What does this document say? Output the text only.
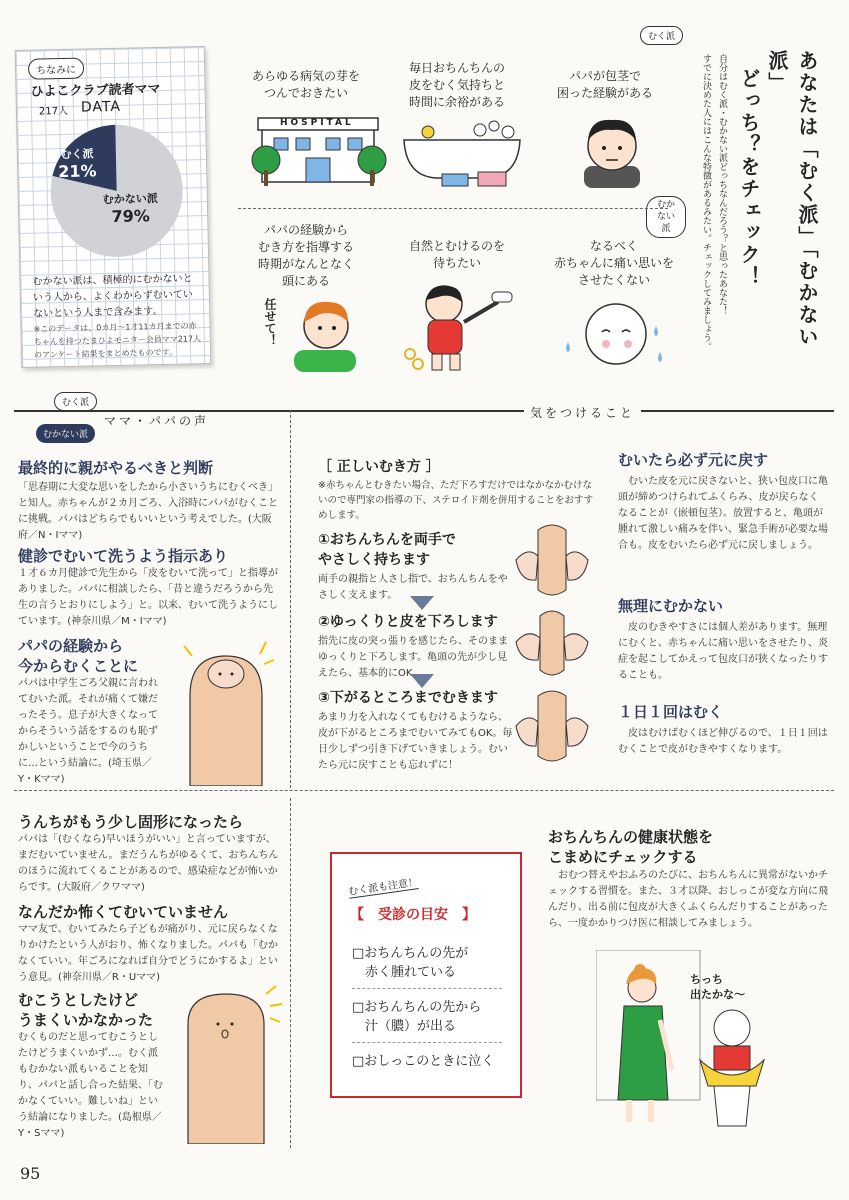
ちなみに
ひよこクラブ読者ママ
217人 DATA
むく派
21%
むかない派
79%
むかない派は、積極的にむかないという人から、よくわからずむいていないという人まで含みます。
※このデータは、0カ月〜1才11カ月までの赤ちゃんを持つたまひよモニター会員ママ217人のアンケート結果をまとめたものです。
むく派
むかない派
あらゆる病気の芽を
つんでおきたい
HOSPITAL
毎日おちんちんの
皮をむく気持ちと
時間に余裕がある
パパが包茎で
困った経験がある
パパの経験から
むき方を指導する
時期がなんとなく
頭にある
任せて！
自然とむけるのを
待ちたい
なるべく
赤ちゃんに痛い思いを
させたくない	あなたは「むく派」「むかない派」
どっち？をチェック！
自分はむく派・むかない派どっちなんだろう？と思ったあなた！
すでに決めた人にはこんな特徴があるみたい。チェックしてみましょう。
むく派
むかない派
ママ・パパの声
気をつけること
最終的に親がやるべきと判断
「思春期に大変な思いをしたから小さいうちにむくべき」と知人。赤ちゃんが２カ月ごろ、入浴時にパパがむくことに挑戦。パパはどちらでもいいという考えでした。(大阪府／N・Iママ)
健診でむいて洗うよう指示あり
１才６カ月健診で先生から「皮をむいて洗って」と指導がありました。パパに相談したら、「昔と違うだろうから先生の言うとおりにしよう」と。以来、むいて洗うようにしています。(神奈川県／M・Iママ)
パパの経験から
今からむくことに
パパは中学生ごろ父親に言われてむいた派。それが痛くて嫌だったそう。息子が大きくなってからそういう話をするのも恥ずかしいということで今のうちに…という結論に。(埼玉県／Y・Kママ)
［ 正しいむき方 ］
※赤ちゃんとむきたい場合、ただ下ろすだけではなかなかむけないので専門家の指導の下、ステロイド剤を併用することをおすすめします。
①おちんちんを両手で
やさしく持ちます
両手の親指と人さし指で、おちんちんをやさしく支えます。
②ゆっくりと皮を下ろします
指先に皮の突っ張りを感じたら、そのままゆっくりと下ろします。亀頭の先が少し見えたら、基本的にOK。
③下がるところまでむきます
あまり力を入れなくてもむけるようなら、皮が下がるところまでむいてみてもOK。毎日少しずつ引き下げていきましょう。むいたら元に戻すことも忘れずに！
むいたら必ず元に戻す
むいた皮を元に戻さないと、狭い包皮口に亀頭が締めつけられてふくらみ、皮が戻らなくなることが（嵌頓包茎）。放置すると、亀頭が腫れて激しい痛みを伴い、緊急手術が必要な場合も。皮をむいたら必ず元に戻しましょう。
無理にむかない
皮のむきやすさには個人差があります。無理にむくと、赤ちゃんに痛い思いをさせたり、炎症を起こしてかえって包皮口が狭くなったりすることも。
１日１回はむく
皮はむけばむくほど伸びるので、１日１回はむくことで皮がむきやすくなります。
うんちがもう少し固形になったら
パパは「(むくなら)早いほうがいい」と言っていますが、まだむいていません。まだうんちがゆるくて、おちんちんのほうに流れてくることがあるので、感染症などが怖いからです。(大阪府／クワママ)
なんだか怖くてむいていません
ママ友で、むいてみたら子どもが痛がり、元に戻らなくなりかけたという人がおり、怖くなりました。パパも「むかなくていい。年ごろになれば自分でどうにかするよ」という意見。(神奈川県／R・Uママ)
むこうとしたけど
うまくいかなかった
むくものだと思ってむこうとしたけどうまくいかず…。むく派もむかない派もいることを知り、パパと話し合った結果、「むかなくていい。難しいね」という結論になりました。(島根県／Y・Sママ)
むく派も注意！
【　受診の目安　】
□おちんちんの先が
　赤く腫れている
□おちんちんの先から
　汁（膿）が出る
□おしっこのときに泣く
おちんちんの健康状態を
こまめにチェックする
おむつ替えやおふろのたびに、おちんちんに異常がないかチェックする習慣を。また、３才以降、おしっこが変な方向に飛んだり、出る前に包皮が大きくふくらんだりすることがあったら、一度かかりつけ医に相談してみましょう。
ちっち
出たかな〜
95
